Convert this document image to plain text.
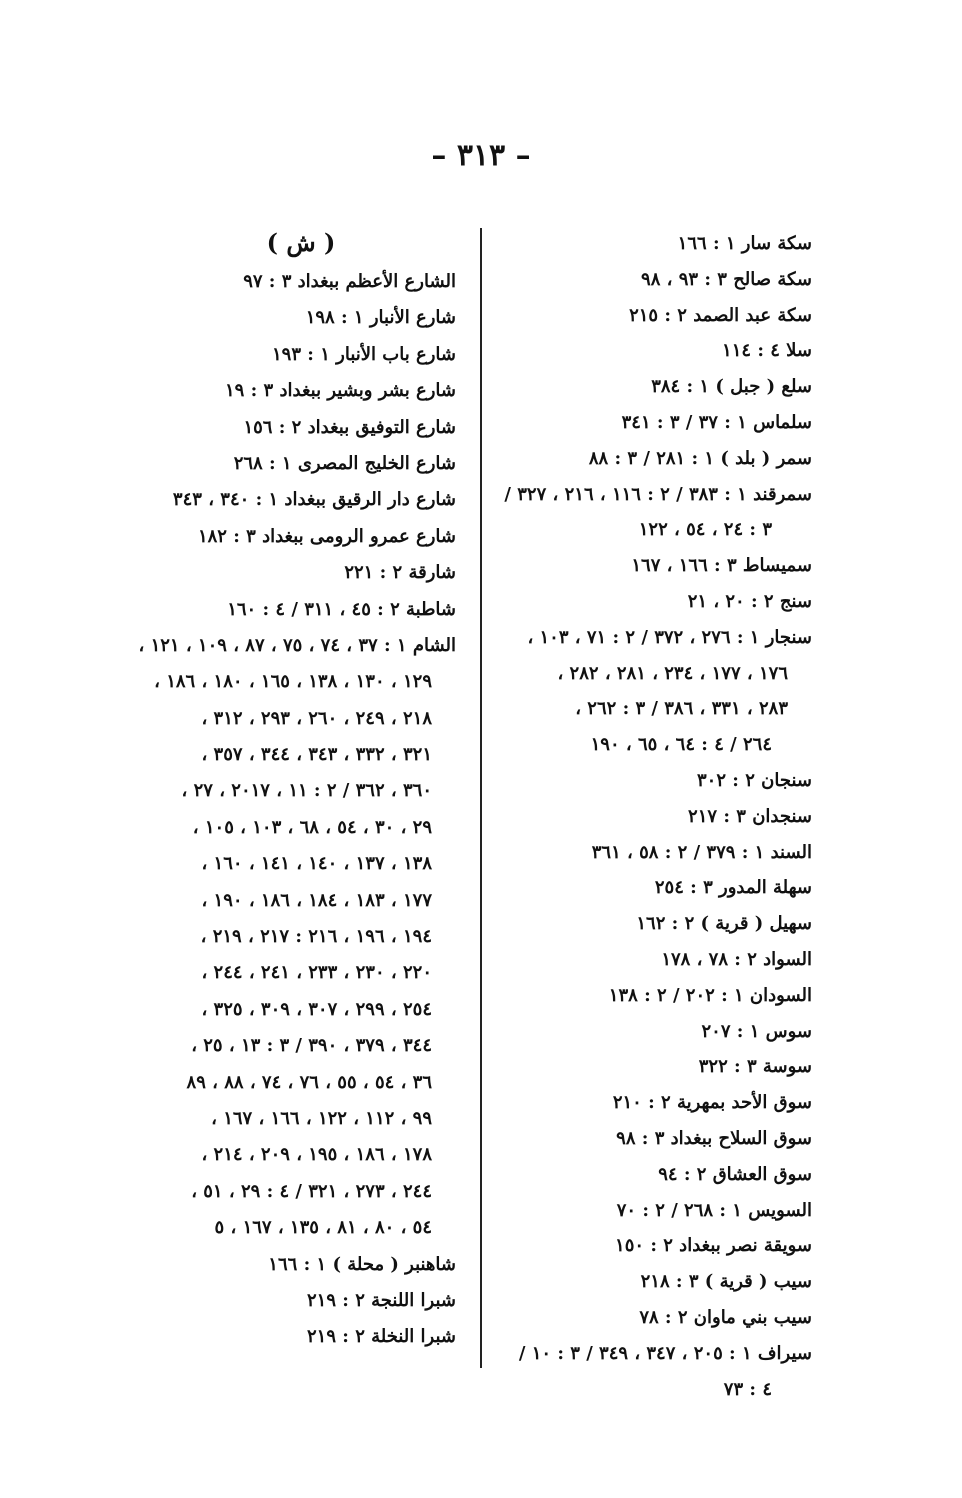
– ٣١٣ –
سكة سار ١ : ١٦٦
سكة صالح ٣ : ٩٣ ، ٩٨
سكة عبد الصمد ٢ : ٢١٥
سلا ٤ : ١١٤
سلع ( جبل ) ١ : ٣٨٤
سلماس ١ : ٣٧ / ٣ : ٣٤١
سمر ( بلد ) ١ : ٢٨١ / ٣ : ٨٨
سمرقند ١ : ٣٨٣ / ٢ : ١١٦ ، ٢١٦ ، ٣٢٧ /
٣ : ٢٤ ، ٥٤ ، ١٢٢
سميساط ٣ : ١٦٦ ، ١٦٧
سنج ٢ : ٢٠ ، ٢١
سنجار ١ : ٢٧٦ ، ٣٧٢ / ٢ : ٧١ ، ١٠٣ ،
١٧٦ ، ١٧٧ ، ٢٣٤ ، ٢٨١ ، ٢٨٢ ،
٢٨٣ ، ٣٣١ ، ٣٨٦ / ٣ : ٢٦٢ ،
٢٦٤ / ٤ : ٦٤ ، ٦٥ ، ١٩٠
سنجان ٢ : ٣٠٢
سنجدان ٣ : ٢١٧
السند ١ : ٣٧٩ / ٢ : ٥٨ ، ٣٦١
سهلة المدور ٣ : ٢٥٤
سهيل ( قرية ) ٢ : ١٦٢
السواد ٢ : ٧٨ ، ١٧٨
السودان ١ : ٢٠٢ / ٢ : ١٣٨
سوس ١ : ٢٠٧
سوسة ٣ : ٣٢٢
سوق الأحد بمهرية ٢ : ٢١٠
سوق السلاح ببغداد ٣ : ٩٨
سوق العشاق ٢ : ٩٤
السويس ١ : ٢٦٨ / ٢ : ٧٠
سويقة نصر ببغداد ٢ : ١٥٠
سيب ( قرية ) ٣ : ٢١٨
سيب بني ماوان ٢ : ٧٨
سيراف ١ : ٢٠٥ ، ٣٤٧ ، ٣٤٩ / ٣ : ١٠ /
٤ : ٧٣
( ش )
الشارع الأعظم ببغداد ٣ : ٩٧
شارع الأنبار ١ : ١٩٨
شارع باب الأنبار ١ : ١٩٣
شارع بشر وبشير ببغداد ٣ : ١٩
شارع التوفيق ببغداد ٢ : ١٥٦
شارع الخليج المصرى ١ : ٢٦٨
شارع دار الرقيق ببغداد ١ : ٣٤٠ ، ٣٤٣
شارع عمرو الرومى ببغداد ٣ : ١٨٢
شارقة ٢ : ٢٢١
شاطبة ٢ : ٤٥ ، ٣١١ / ٤ : ١٦٠
الشام ١ : ٣٧ ، ٧٤ ، ٧٥ ، ٨٧ ، ١٠٩ ، ١٢١ ،
١٢٩ ، ١٣٠ ، ١٣٨ ، ١٦٥ ، ١٨٠ ، ١٨٦ ،
٢١٨ ، ٢٤٩ ، ٢٦٠ ، ٢٩٣ ، ٣١٢ ،
٣٢١ ، ٣٣٢ ، ٣٤٣ ، ٣٤٤ ، ٣٥٧ ،
٣٦٠ ، ٣٦٢ / ٢ : ١١ ، ٢٠١٧ ، ٢٧ ،
٢٩ ، ٣٠ ، ٥٤ ، ٦٨ ، ١٠٣ ، ١٠٥ ،
١٣٨ ، ١٣٧ ، ١٤٠ ، ١٤١ ، ١٦٠ ،
١٧٧ ، ١٨٣ ، ١٨٤ ، ١٨٦ ، ١٩٠ ،
١٩٤ ، ١٩٦ ، ٢١٦ : ٢١٧ ، ٢١٩ ،
٢٢٠ ، ٢٣٠ ، ٢٣٣ ، ٢٤١ ، ٢٤٤ ،
٢٥٤ ، ٢٩٩ ، ٣٠٧ ، ٣٠٩ ، ٣٢٥ ،
٣٤٤ ، ٣٧٩ ، ٣٩٠ / ٣ : ١٣ ، ٢٥ ،
٣٦ ، ٥٤ ، ٥٥ ، ٧٦ ، ٧٤ ، ٨٨ ، ٨٩
٩٩ ، ١١٢ ، ١٢٢ ، ١٦٦ ، ١٦٧ ،
١٧٨ ، ١٨٦ ، ١٩٥ ، ٢٠٩ ، ٢١٤ ،
٢٤٤ ، ٢٧٣ ، ٣٢١ / ٤ : ٢٩ ، ٥١ ،
٥٤ ، ٨٠ ، ٨١ ، ١٣٥ ، ١٦٧ ، ٥
شاهنبر ( محلة ) ١ : ١٦٦
شبرا اللنجة ٢ : ٢١٩
شبرا النخلة ٢ : ٢١٩
